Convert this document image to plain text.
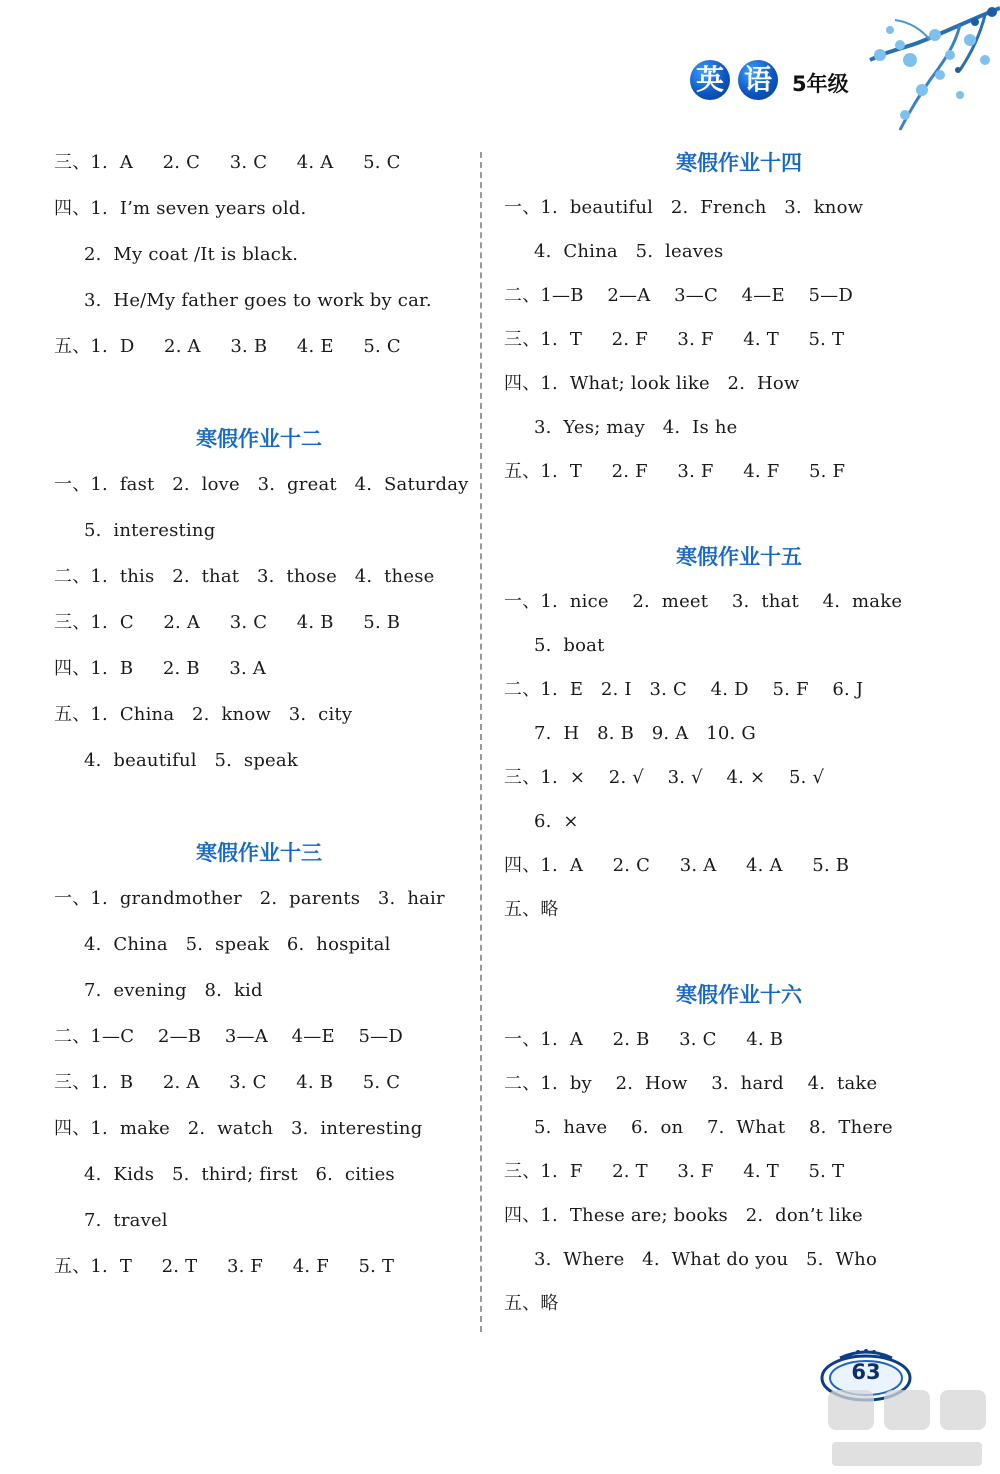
英 语 5年级
三、1.  A     2. C     3. C     4. A     5. C
四、1.  I’m seven years old.
2.  My coat /It is black.
3.  He/My father goes to work by car.
五、1.  D     2. A     3. B     4. E     5. C
寒假作业十二
一、1.  fast   2.  love   3.  great   4.  Saturday
5.  interesting
二、1.  this   2.  that   3.  those   4.  these
三、1.  C     2. A     3. C     4. B     5. B
四、1.  B     2. B     3. A
五、1.  China   2.  know   3.  city
4.  beautiful   5.  speak
寒假作业十三
一、1.  grandmother   2.  parents   3.  hair
4.  China   5.  speak   6.  hospital
7.  evening   8.  kid
二、1—C    2—B    3—A    4—E    5—D
三、1.  B     2. A     3. C     4. B     5. C
四、1.  make   2.  watch   3.  interesting
4.  Kids   5.  third; first   6.  cities
7.  travel
五、1.  T     2. T     3. F     4. F     5. T
寒假作业十四
一、1.  beautiful   2.  French   3.  know
4.  China   5.  leaves
二、1—B    2—A    3—C    4—E    5—D
三、1.  T     2. F     3. F     4. T     5. T
四、1.  What; look like   2.  How
3.  Yes; may   4.  Is he
五、1.  T     2. F     3. F     4. F     5. F
寒假作业十五
一、1.  nice    2.  meet    3.  that    4.  make
5.  boat
二、1.  E   2. I   3. C    4. D    5. F    6. J
7.  H   8. B   9. A   10. G
三、1.  ×    2. √    3. √    4. ×    5. √
6.  ×
四、1.  A     2. C     3. A     4. A     5. B
五、略
寒假作业十六
一、1.  A     2. B     3. C     4. B
二、1.  by    2.  How    3.  hard    4.  take
5.  have    6.  on    7.  What    8.  There
三、1.  F     2. T     3. F     4. T     5. T
四、1.  These are; books   2.  don’t like
3.  Where   4.  What do you   5.  Who
五、略
63
